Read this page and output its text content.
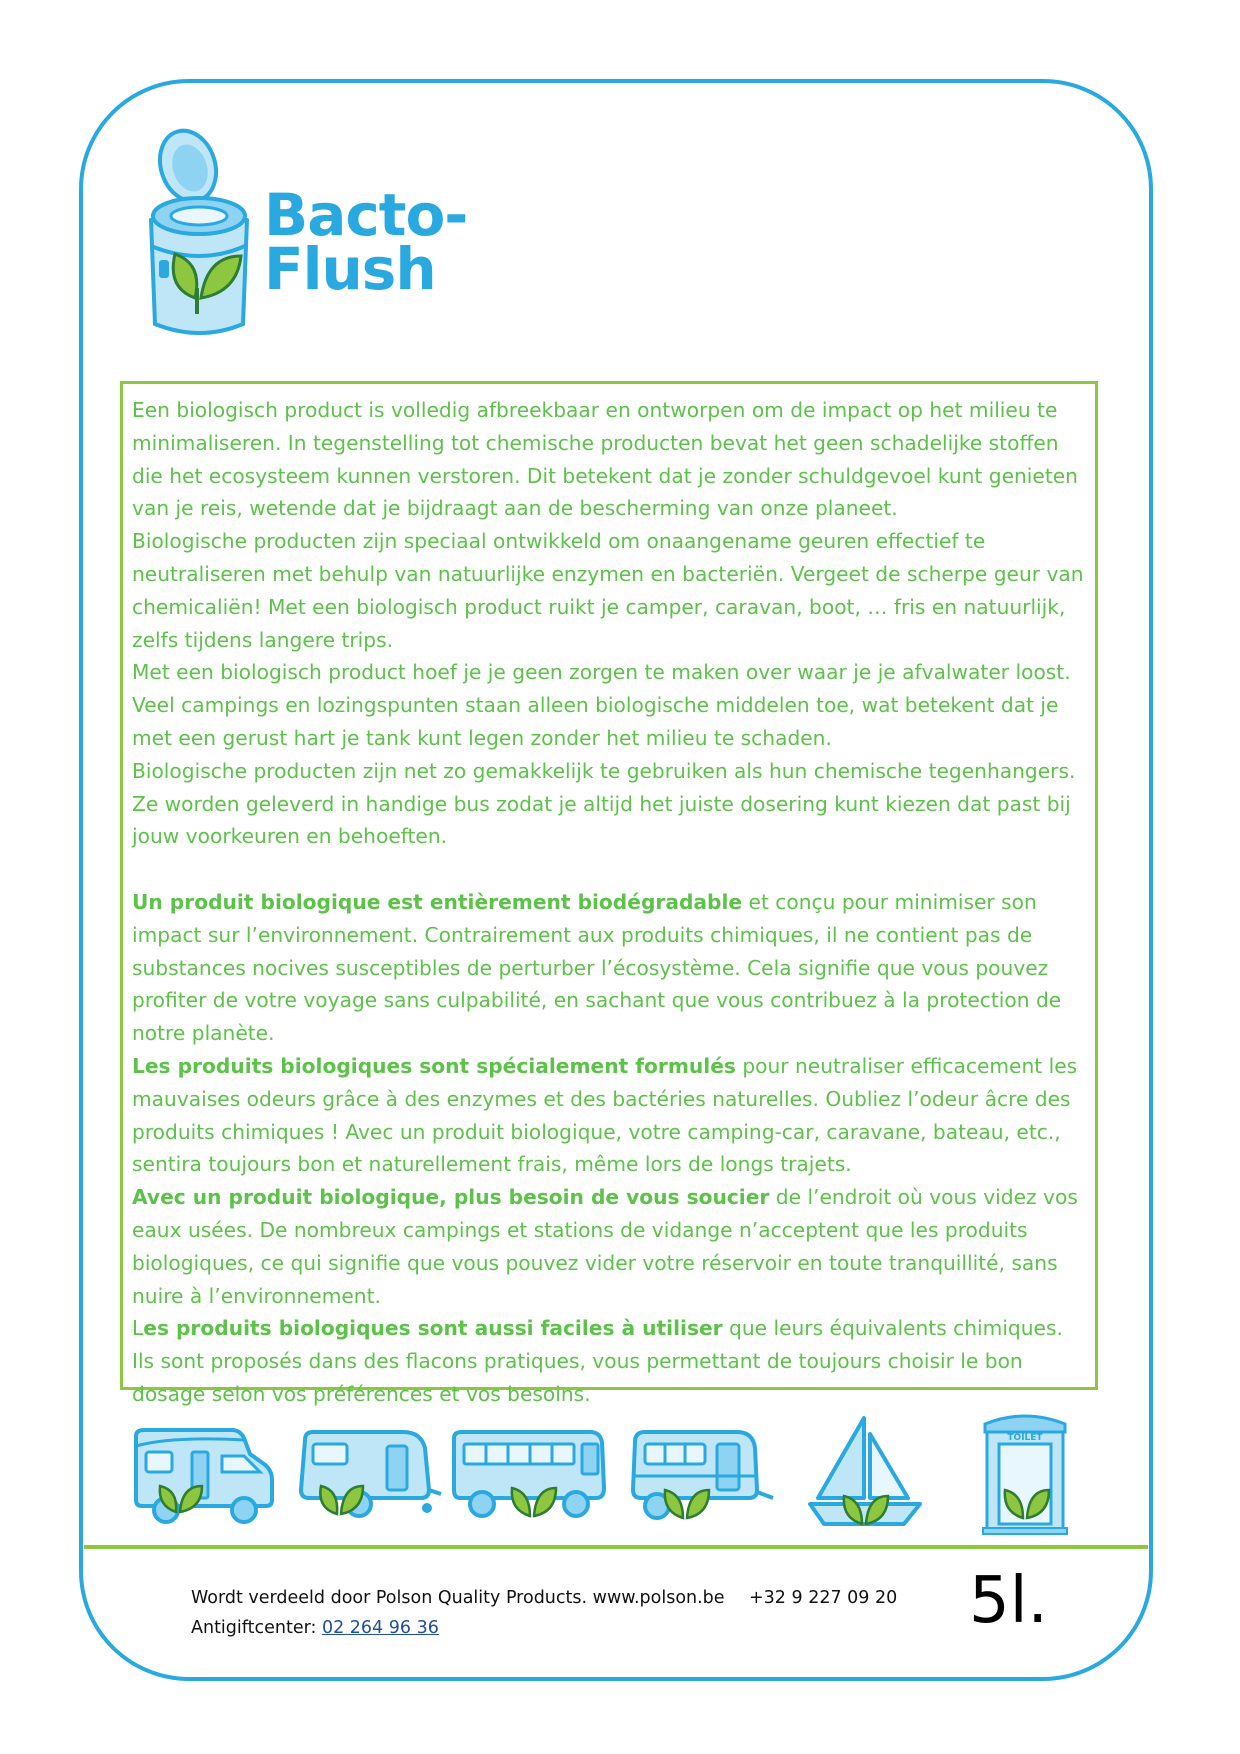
Bacto-
Flush

Een biologisch product is volledig afbreekbaar en ontworpen om de impact op het milieu te minimaliseren. In tegenstelling tot chemische producten bevat het geen schadelijke stoffen die het ecosysteem kunnen verstoren. Dit betekent dat je zonder schuldgevoel kunt genieten van je reis, wetende dat je bijdraagt aan de bescherming van onze planeet.

Biologische producten zijn speciaal ontwikkeld om onaangename geuren effectief te neutraliseren met behulp van natuurlijke enzymen en bacteriën. Vergeet de scherpe geur van chemicaliën! Met een biologisch product ruikt je camper, caravan, boot, … fris en natuurlijk, zelfs tijdens langere trips.

Met een biologisch product hoef je je geen zorgen te maken over waar je je afvalwater loost. Veel campings en lozingspunten staan alleen biologische middelen toe, wat betekent dat je met een gerust hart je tank kunt legen zonder het milieu te schaden.

Biologische producten zijn net zo gemakkelijk te gebruiken als hun chemische tegenhangers. Ze worden geleverd in handige bus zodat je altijd het juiste dosering kunt kiezen dat past bij jouw voorkeuren en behoeften.

Un produit biologique est entièrement biodégradable et conçu pour minimiser son impact sur l’environnement. Contrairement aux produits chimiques, il ne contient pas de substances nocives susceptibles de perturber l’écosystème. Cela signifie que vous pouvez profiter de votre voyage sans culpabilité, en sachant que vous contribuez à la protection de notre planète.

Les produits biologiques sont spécialement formulés pour neutraliser efficacement les mauvaises odeurs grâce à des enzymes et des bactéries naturelles. Oubliez l’odeur âcre des produits chimiques ! Avec un produit biologique, votre camping-car, caravane, bateau, etc., sentira toujours bon et naturellement frais, même lors de longs trajets.

Avec un produit biologique, plus besoin de vous soucier de l’endroit où vous videz vos eaux usées. De nombreux campings et stations de vidange n’acceptent que les produits biologiques, ce qui signifie que vous pouvez vider votre réservoir en toute tranquillité, sans nuire à l’environnement.

Les produits biologiques sont aussi faciles à utiliser que leurs équivalents chimiques. Ils sont proposés dans des flacons pratiques, vous permettant de toujours choisir le bon dosage selon vos préférences et vos besoins.

TOILET
Wordt verdeeld door Polson Quality Products. www.polson.be
Antigiftcenter: 02 264 96 36
+32 9 227 09 20 5l.
